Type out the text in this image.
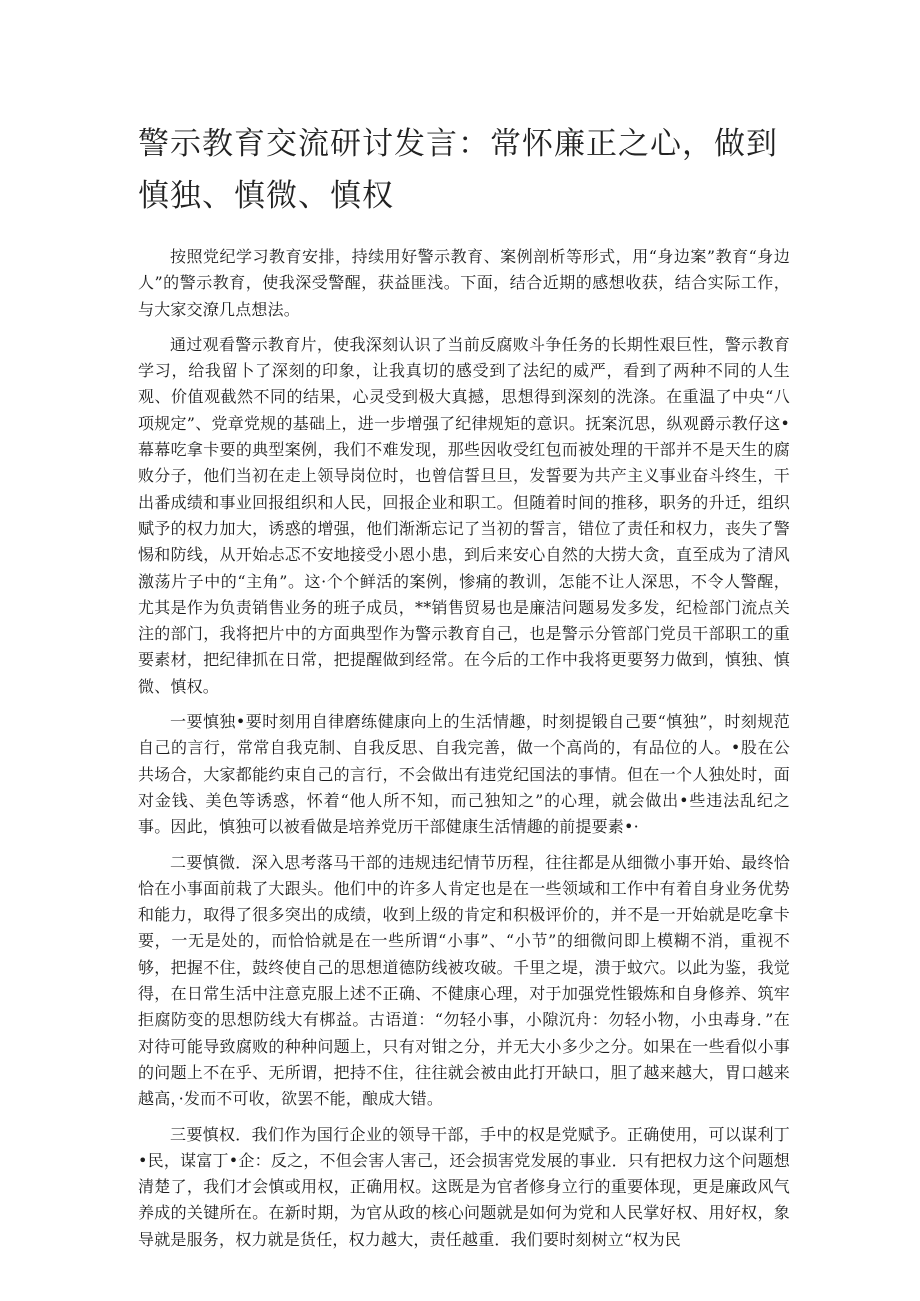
警示教育交流研讨发言：常怀廉正之心，做到慎独、慎微、慎权

按照党纪学习教育安排，持续用好警示教育、案例剖析等形式，用“身边案”教育“身边人”的警示教育，使我深受警醒，获益匪浅。下面，结合近期的感想收获，结合实际工作，与大家交潦几点想法。

通过观看警示教育片，使我深刻认识了当前反腐败斗争任务的长期性艰巨性，警示教育学习，给我留卜了深刻的印象，让我真切的感受到了法纪的威严，看到了两种不同的人生观、价值观截然不同的结果，心灵受到极大真撼，思想得到深刻的洗涤。在重温了中央“八项规定”、党章党规的基础上，进一步增强了纪律规矩的意识。抚案沉思，纵观爵示教仔这•幕幕吃拿卡要的典型案例，我们不难发现，那些因收受红包而被处理的干部并不是天生的腐败分子，他们当初在走上领导岗位时，也曾信誓旦旦，发誓要为共产主义事业奋斗终生，干出番成绩和事业回报组织和人民，回报企业和职工。但随着时间的推移，职务的升迁，组织赋予的权力加大，诱惑的增强，他们渐渐忘记了当初的誓言，错位了责任和权力，丧失了警惕和防线，从开始忐忑不安地接受小恩小患，到后来安心自然的大捞大贪，直至成为了清风激荡片子中的“主角”。这·个个鲜活的案例，惨痛的教训，怎能不让人深思，不令人警醒，尤其是作为负责销售业务的班子成员，**销售贸易也是廉洁问题易发多发，纪检部门流点关注的部门，我将把片中的方面典型作为警示教育自己，也是警示分管部门党员干部职工的重要素材，把纪律抓在日常，把提醒做到经常。在今后的工作中我将更要努力做到，慎独、慎微、慎权。

一要慎独•要时刻用自律磨练健康向上的生活情趣，时刻提锻自己要“慎独”，时刻规范自己的言行，常常自我克制、自我反思、自我完善，做一个高尚的，有品位的人。•股在公共场合，大家都能约束自己的言行，不会做出有违党纪国法的事情。但在一个人独处时，面对金钱、美色等诱惑，怀着“他人所不知，而己独知之”的心理，就会做出•些违法乱纪之事。因此，慎独可以被看做是培养党历干部健康生活情趣的前提要素•·

二要慎微．深入思考落马干部的违规违纪情节历程，往往都是从细微小事开始、最终恰恰在小事面前栽了大跟头。他们中的许多人肯定也是在一些领域和工作中有着自身业务优势和能力，取得了很多突出的成绩，收到上级的肯定和积极评价的，并不是一开始就是吃拿卡要，一无是处的，而恰恰就是在一些所谓“小事”、“小节”的细微问即上模糊不消，重视不够，把握不住，鼓终使自己的思想道德防线被攻破。千里之堤，溃于蚊穴。以此为鉴，我觉得，在日常生活中注意克服上述不正确、不健康心理，对于加强党性锻炼和自身修养、筑牢拒腐防变的思想防线大有梆益。古语道：“勿轻小事，小隙沉舟：勿轻小物，小虫毒身．”在对待可能导致腐败的种种问题上，只有对钳之分，并无大小多少之分。如果在一些看似小事的问题上不在乎、无所谓，把持不住，往往就会被由此打开缺口，胆了越来越大，胃口越来越高，·发而不可收，欲罢不能，酿成大错。

三要慎权．我们作为国行企业的领导干部，手中的权是党赋予。正确使用，可以谋利丁•民，谋富丁•企：反之，不但会害人害己，还会损害党发展的事业．只有把权力这个问题想清楚了，我们才会慎或用权，正确用权。这既是为官者修身立行的重要体现，更是廉政风气养成的关键所在。在新时期，为官从政的核心问题就是如何为党和人民掌好权、用好权，象导就是服务，权力就是货任，权力越大，责任越重．我们要时刻树立“权为民
